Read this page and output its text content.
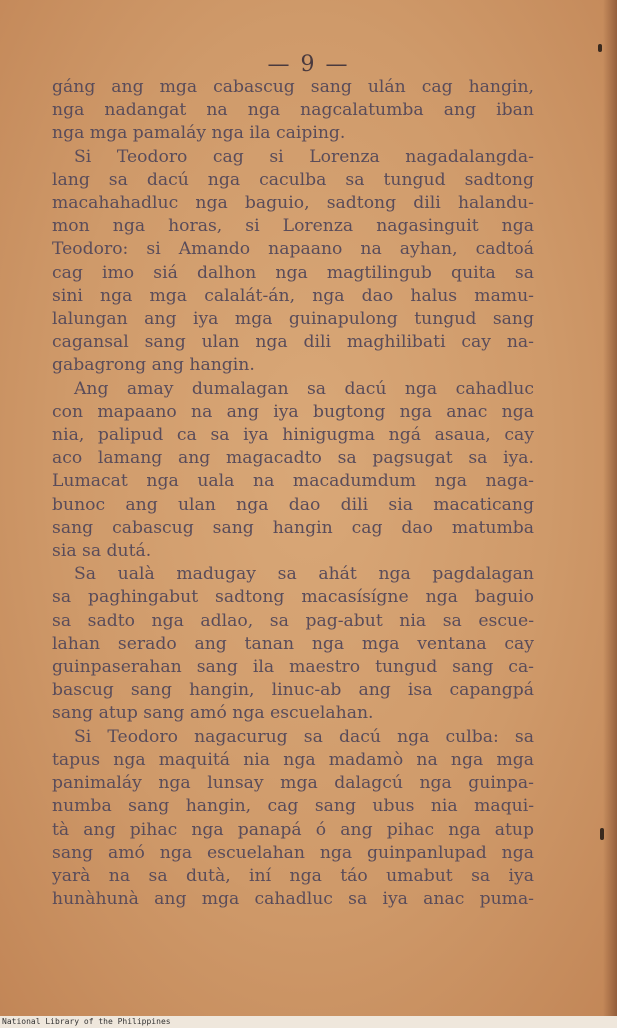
— 9 —
gáng ang mga cabascug sang ulán cag hangin,
nga nadangat na nga nagcalatumba ang iban
nga mga pamaláy nga ila caiping.
Si Teodoro cag si Lorenza nagadalangda-
lang sa dacú nga caculba sa tungud sadtong
macahahadluc nga baguio, sadtong dili halandu-
mon nga horas, si Lorenza nagasinguit nga
Teodoro: si Amando napaano na ayhan, cadtoá
cag imo siá dalhon nga magtilingub quita sa
sini nga mga calalát-án, nga dao halus mamu-
lalungan ang iya mga guinapulong tungud sang
cagansal sang ulan nga dili maghilibati cay na-
gabagrong ang hangin.
Ang amay dumalagan sa dacú nga cahadluc
con mapaano na ang iya bugtong nga anac nga
nia, palipud ca sa iya hinigugma ngá asaua, cay
aco lamang ang magacadto sa pagsugat sa iya.
Lumacat nga uala na macadumdum nga naga-
bunoc ang ulan nga dao dili sia macaticang
sang cabascug sang hangin cag dao matumba
sia sa dutá.
Sa ualà madugay sa ahát nga pagdalagan
sa paghingabut sadtong macasísígne nga baguio
sa sadto nga adlao, sa pag-abut nia sa escue-
lahan serado ang tanan nga mga ventana cay
guinpaserahan sang ila maestro tungud sang ca-
bascug sang hangin, linuc-ab ang isa capangpá
sang atup sang amó nga escuelahan.
Si Teodoro nagacurug sa dacú nga culba: sa
tapus nga maquitá nia nga madamò na nga mga
panimaláy nga lunsay mga dalagcú nga guinpa-
numba sang hangin, cag sang ubus nia maqui-
tà ang pihac nga panapá ó ang pihac nga atup
sang amó nga escuelahan nga guinpanlupad nga
yarà na sa dutà, iní nga táo umabut sa iya
hunàhunà ang mga cahadluc sa iya anac puma-
National Library of the Philippines
